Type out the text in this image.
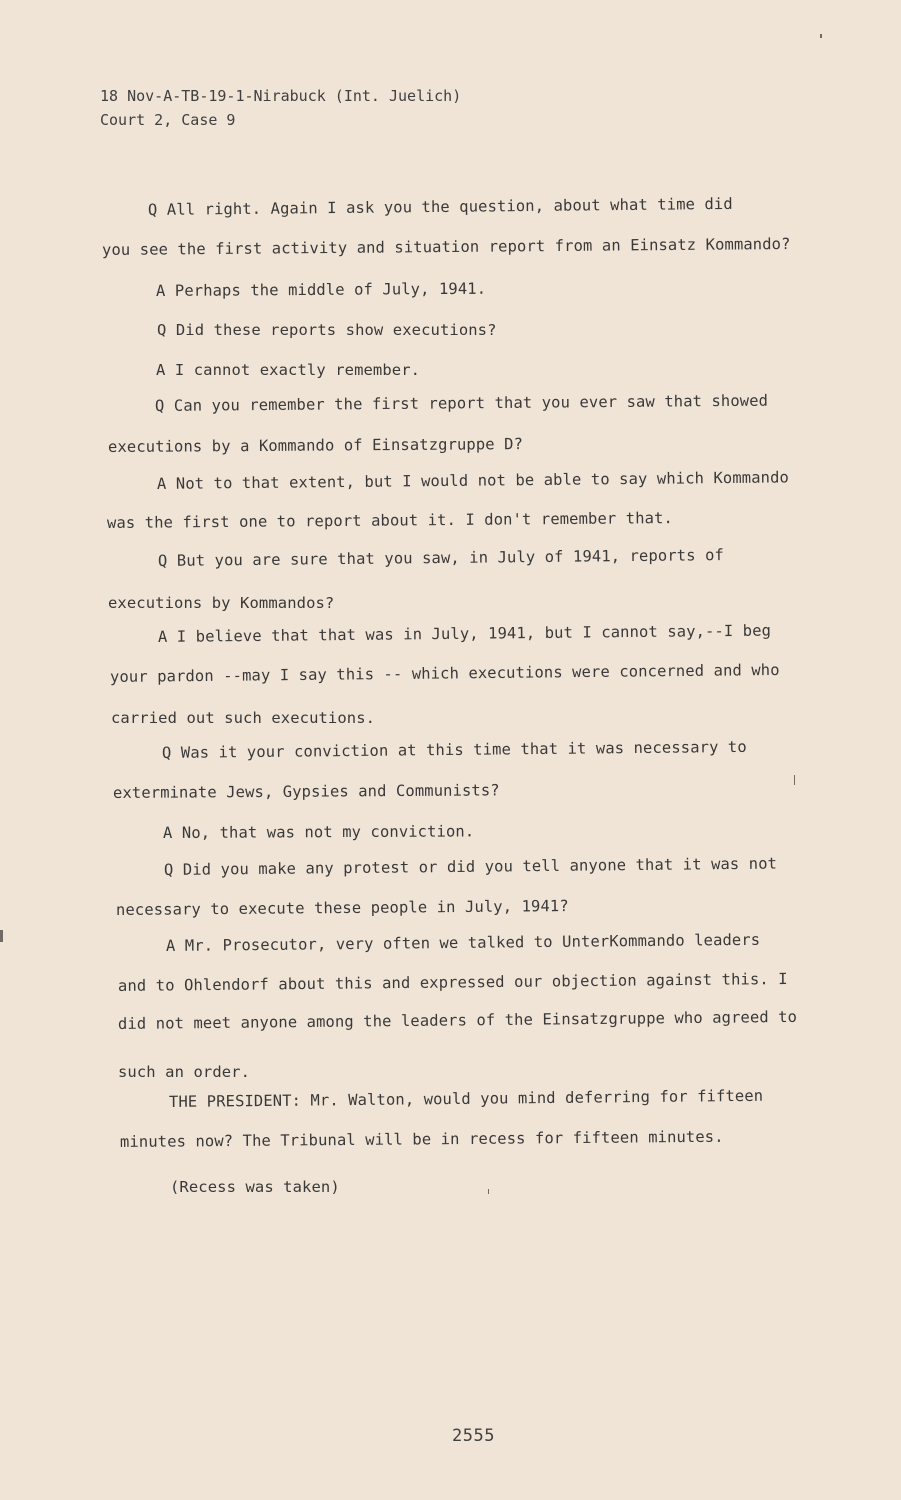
18 Nov-A-TB-19-1-Nirabuck (Int. Juelich)
Court 2, Case 9
Q All right. Again I ask you the question, about what time did
you see the first activity and situation report from an Einsatz Kommando?
A Perhaps the middle of July, 1941.
Q Did these reports show executions?
A I cannot exactly remember.
Q Can you remember the first report that you ever saw that showed
executions by a Kommando of Einsatzgruppe D?
A Not to that extent, but I would not be able to say which Kommando
was the first one to report about it. I don't remember that.
Q But you are sure that you saw, in July of 1941, reports of
executions by Kommandos?
A I believe that that was in July, 1941, but I cannot say,--I beg
your pardon --may I say this -- which executions were concerned and who
carried out such executions.
Q Was it your conviction at this time that it was necessary to
exterminate Jews, Gypsies and Communists?
A No, that was not my conviction.
Q Did you make any protest or did you tell anyone that it was not
necessary to execute these people in July, 1941?
A Mr. Prosecutor, very often we talked to UnterKommando leaders
and to Ohlendorf about this and expressed our objection against this. I
did not meet anyone among the leaders of the Einsatzgruppe who agreed to
such an order.
THE PRESIDENT: Mr. Walton, would you mind deferring for fifteen
minutes now? The Tribunal will be in recess for fifteen minutes.
(Recess was taken)
2555
